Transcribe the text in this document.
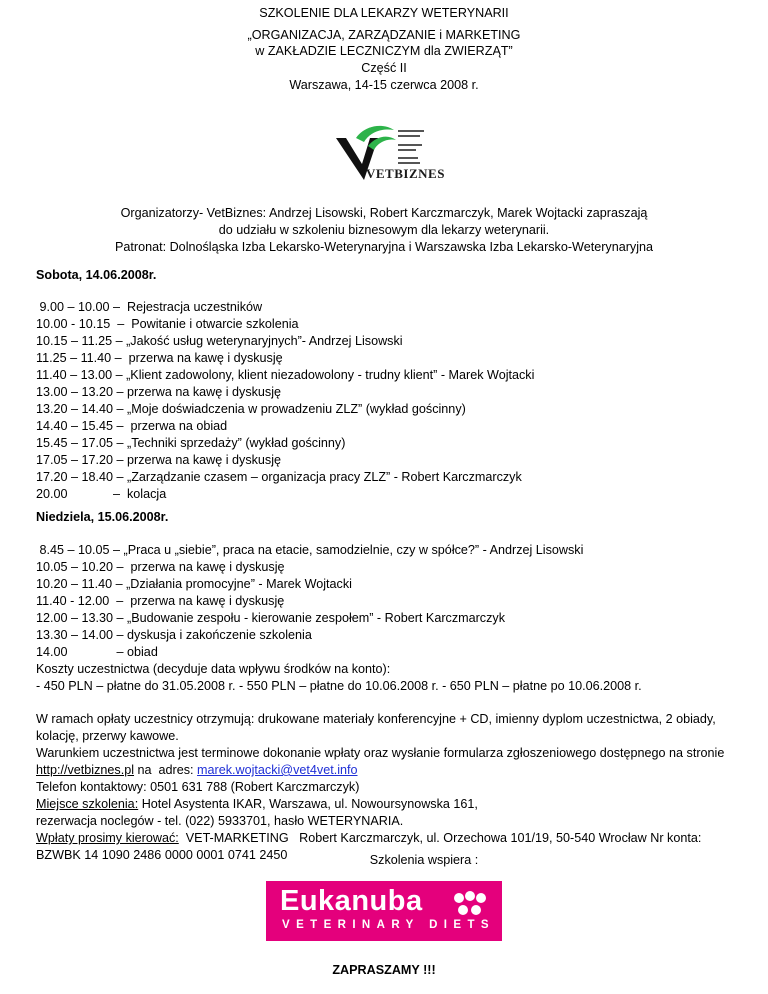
SZKOLENIE DLA LEKARZY WETERYNARII
„ORGANIZACJA, ZARZĄDZANIE i MARKETING
w ZAKŁADZIE LECZNICZYM dla ZWIERZĄT”
Część II
Warszawa, 14-15 czerwca 2008 r.
VETBIZNES
Organizatorzy- VetBiznes: Andrzej Lisowski, Robert Karczmarczyk, Marek Wojtacki zapraszają
do udziału w szkoleniu biznesowym dla lekarzy weterynarii.
Patronat: Dolnośląska Izba Lekarsko-Weterynaryjna i Warszawska Izba Lekarsko-Weterynaryjna
Sobota, 14.06.2008r.
9.00 – 10.00 –  Rejestracja uczestników
10.00 - 10.15  –  Powitanie i otwarcie szkolenia
10.15 – 11.25 – „Jakość usług weterynaryjnych”- Andrzej Lisowski
11.25 – 11.40 –  przerwa na kawę i dyskusję
11.40 – 13.00 – „Klient zadowolony, klient niezadowolony - trudny klient” - Marek Wojtacki
13.00 – 13.20 – przerwa na kawę i dyskusję
13.20 – 14.40 – „Moje doświadczenia w prowadzeniu ZLZ” (wykład gościnny)
14.40 – 15.45 –  przerwa na obiad
15.45 – 17.05 – „Techniki sprzedaży” (wykład gościnny)
17.05 – 17.20 – przerwa na kawę i dyskusję
17.20 – 18.40 – „Zarządzanie czasem – organizacja pracy ZLZ” - Robert Karczmarczyk
20.00             –  kolacja
Niedziela, 15.06.2008r.
8.45 – 10.05 – „Praca u „siebie”, praca na etacie, samodzielnie, czy w spółce?” - Andrzej Lisowski
10.05 – 10.20 –  przerwa na kawę i dyskusję
10.20 – 11.40 – „Działania promocyjne” - Marek Wojtacki
11.40 - 12.00  –  przerwa na kawę i dyskusję
12.00 – 13.30 – „Budowanie zespołu - kierowanie zespołem” - Robert Karczmarczyk
13.30 – 14.00 – dyskusja i zakończenie szkolenia
14.00              – obiad
Koszty uczestnictwa (decyduje data wpływu środków na konto):
- 450 PLN – płatne do 31.05.2008 r. - 550 PLN – płatne do 10.06.2008 r. - 650 PLN – płatne po 10.06.2008 r.
W ramach opłaty uczestnicy otrzymują: drukowane materiały konferencyjne + CD, imienny dyplom uczestnictwa, 2 obiady,
kolację, przerwy kawowe.
Warunkiem uczestnictwa jest terminowe dokonanie wpłaty oraz wysłanie formularza zgłoszeniowego dostępnego na stronie
http://vetbiznes.pl na  adres: marek.wojtacki@vet4vet.info
Telefon kontaktowy: 0501 631 788 (Robert Karczmarczyk)
Miejsce szkolenia: Hotel Asystenta IKAR, Warszawa, ul. Nowoursynowska 161,
rezerwacja noclegów - tel. (022) 5933701, hasło WETERYNARIA.
Wpłaty prosimy kierować:  VET-MARKETING   Robert Karczmarczyk, ul. Orzechowa 101/19, 50-540 Wrocław Nr konta:
BZWBK 14 1090 2486 0000 0001 0741 2450	Szkolenia wspiera :
Eukanuba
VETERINARY DIETS
ZAPRASZAMY !!!
